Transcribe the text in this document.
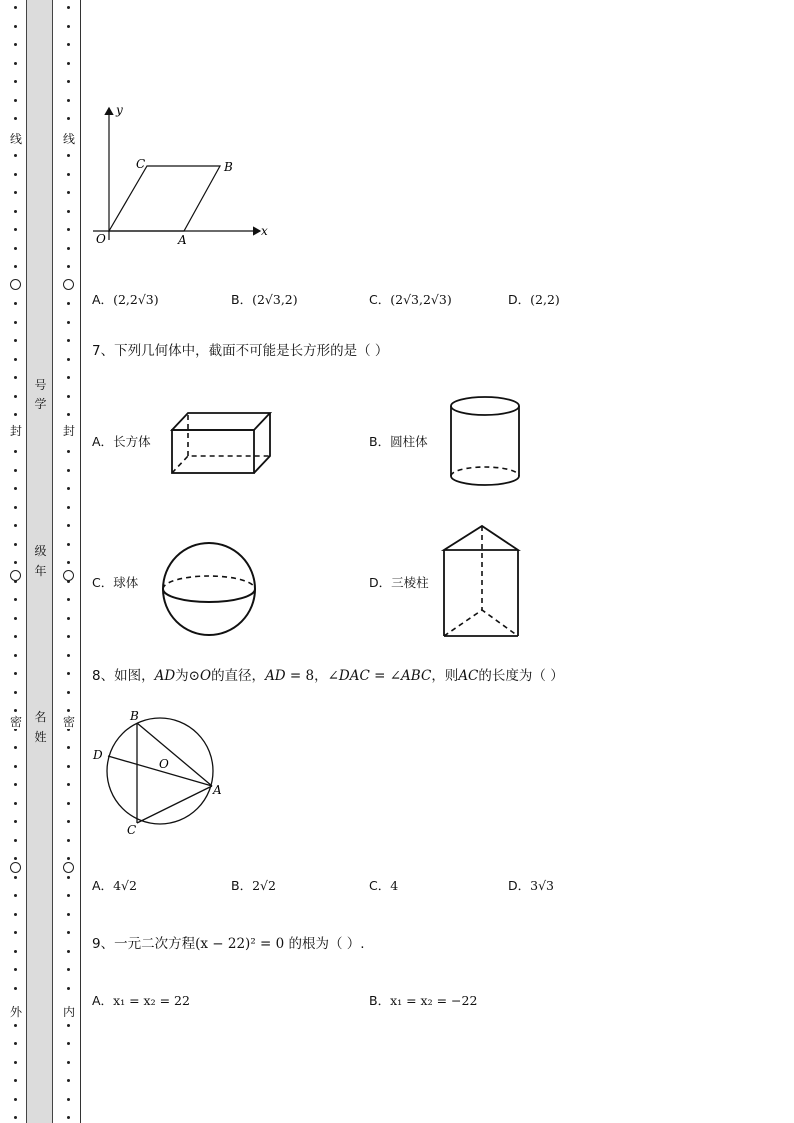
线
封
密
外
号
学
级
年
名
姓
线
封
密
内
y
x
O	A
B
C
A．(2,2√3)	B．(2√3,2)	C．(2√3,2√3)	D．(2,2)
7、下列几何体中，截面不可能是长方形的是（ ）
A．长方体	B．圆柱体
C．球体	D．三棱柱
8、如图，AD为⊙O的直径，AD = 8，∠DAC = ∠ABC，则AC的长度为（ ）
B
D
O
A
C
A．4√2	B．2√2	C．4	D．3√3
9、一元二次方程(x − 22)² = 0 的根为（ ）.
A．x₁ = x₂ = 22	B．x₁ = x₂ = −22
